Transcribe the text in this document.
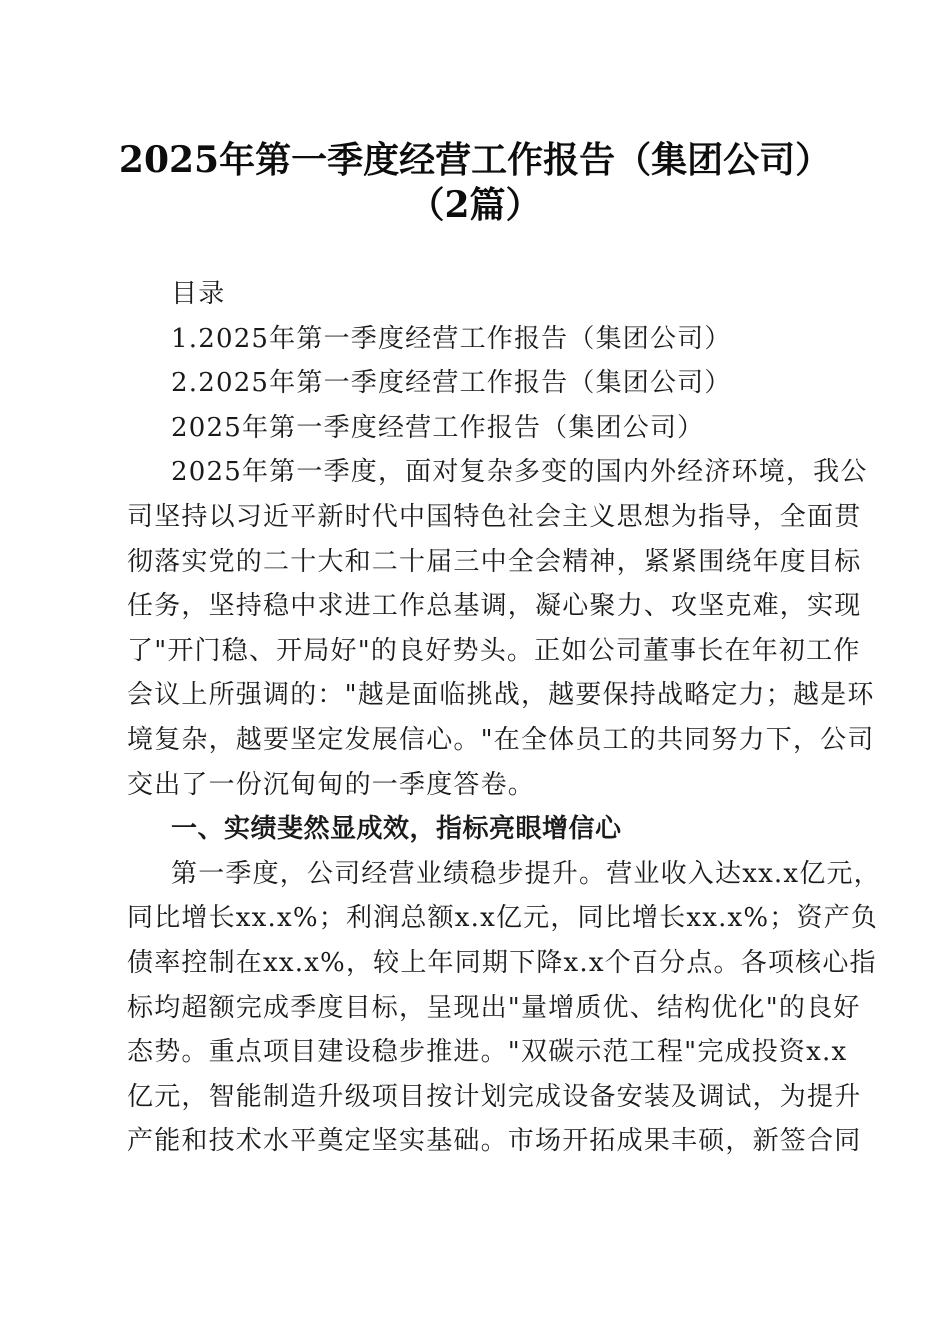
2025年第一季度经营工作报告（集团公司）
（2篇）
目录
1.2025年第一季度经营工作报告（集团公司）
2.2025年第一季度经营工作报告（集团公司）
2025年第一季度经营工作报告（集团公司）
2025年第一季度，面对复杂多变的国内外经济环境，我公
司坚持以习近平新时代中国特色社会主义思想为指导，全面贯
彻落实党的二十大和二十届三中全会精神，紧紧围绕年度目标
任务，坚持稳中求进工作总基调，凝心聚力、攻坚克难，实现
了"开门稳、开局好"的良好势头。正如公司董事长在年初工作
会议上所强调的："越是面临挑战，越要保持战略定力；越是环
境复杂，越要坚定发展信心。"在全体员工的共同努力下，公司
交出了一份沉甸甸的一季度答卷。
一、实绩斐然显成效，指标亮眼增信心
第一季度，公司经营业绩稳步提升。营业收入达xx.x亿元，
同比增长xx.x%；利润总额x.x亿元，同比增长xx.x%；资产负
债率控制在xx.x%，较上年同期下降x.x个百分点。各项核心指
标均超额完成季度目标，呈现出"量增质优、结构优化"的良好
态势。重点项目建设稳步推进。"双碳示范工程"完成投资x.x
亿元，智能制造升级项目按计划完成设备安装及调试，为提升
产能和技术水平奠定坚实基础。市场开拓成果丰硕，新签合同
